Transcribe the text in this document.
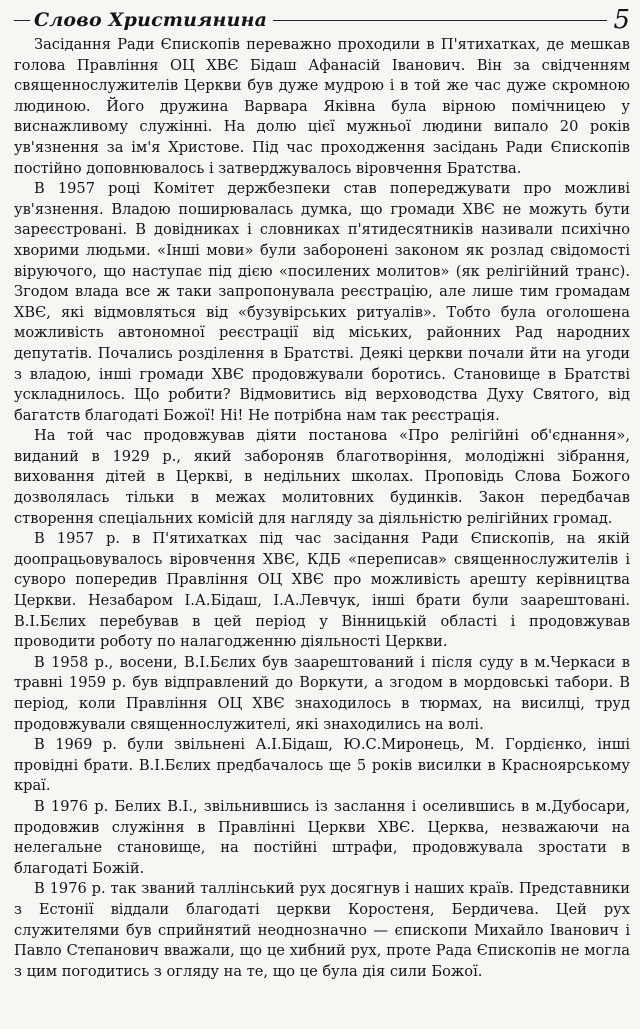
Слово Християнина	5

Засідання Ради Єпископів переважно проходили в П'ятихатках, де мешкав голова Правління ОЦ ХВЄ Бідаш Афанасій Іванович. Він за свідченням священнослужителів Церкви був дуже мудрою і в той же час дуже скромною людиною. Його дружина Варвара Яківна була вірною помічницею у виснажливому служінні. На долю цієї мужньої людини випало 20 років ув'язнення за ім'я Христове. Під час проходження засідань Ради Єпископів постійно доповнювалось і затверджувалось віровчення Братства.

В 1957 році Комітет держбезпеки став попереджувати про можливі ув'язнення. Владою поширювалась думка, що громади ХВЄ не можуть бути зареєстровані. В довідниках і словниках п'ятидесятників називали психічно хворими людьми. «Інші мови» були заборонені законом як розлад свідомості віруючого, що наступає під дією «посилених молитов» (як релігійний транс). Згодом влада все ж таки запропонувала реєстрацію, але лише тим громадам ХВЄ, які відмовляться від «бузувірських ритуалів». Тобто була оголошена можливість автономної реєстрації від міських, районних Рад народних депутатів. Почались розділення в Братстві. Деякі церкви почали йти на угоди з владою, інші громади ХВЄ продовжували боротись. Становище в Братстві ускладнилось. Що робити? Відмовитись від верховодства Духу Святого, від багатств благодаті Божої! Ні! Не потрібна нам так реєстрація.

На той час продовжував діяти постанова «Про релігійні об'єднання», виданий в 1929 р., який забороняв благотворіння, молодіжні зібрання, виховання дітей в Церкві, в недільних школах. Проповідь Слова Божого дозволялась тільки в межах молитовних будинків. Закон передбачав створення спеціальних комісій для нагляду за діяльністю релігійних громад.

В 1957 р. в П'ятихатках під час засідання Ради Єпископів, на якій доопрацьовувалось віровчення ХВЄ, КДБ «переписав» священнослужителів і суворо попередив Правління ОЦ ХВЄ про можливість арешту керівництва Церкви. Незабаром І.А.Бідаш, І.А.Левчук, інші брати були заарештовані. В.І.Бєлих перебував в цей період у Вінницькій області і продовжував проводити роботу по налагодженню діяльності Церкви.

В 1958 р., восени, В.І.Бєлих був заарештований і після суду в м.Черкаси в травні 1959 р. був відправлений до Воркути, а згодом в мордовські табори. В період, коли Правління ОЦ ХВЄ знаходилось в тюрмах, на висилці, труд продовжували священнослужителі, які знаходились на волі.

В 1969 р. були звільнені А.І.Бідаш, Ю.С.Миронець, М. Гордієнко, інші провідні брати. В.І.Бєлих предбачалось ще 5 років висилки в Красноярському краї.

В 1976 р. Белих В.І., звільнившись із заслання і оселившись в м.Дубосари, продовжив служіння в Правлінні Церкви ХВЄ. Церква, незважаючи на нелегальне становище, на постійні штрафи, продовжувала зростати в благодаті Божій.

В 1976 р. так званий таллінський рух досягнув і наших країв. Представники з Естонії віддали благодаті церкви Коростеня, Бердичева. Цей рух служителями був сприйнятий неоднозначно — єпископи Михайло Іванович і Павло Степанович вважали, що це хибний рух, проте Рада Єпископів не могла з цим погодитись з огляду на те, що це була дія сили Божої.
